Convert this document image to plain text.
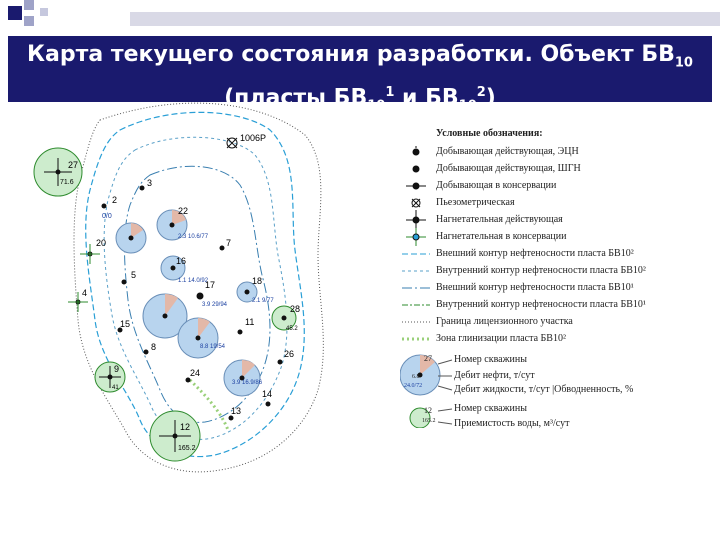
Карта текущего состояния разработки. Объект $БВ_{10}$
(пласты $БВ_{10}^1$ и $БВ_{10}^2$)
27
71.6
2
0/0
3
22
2.3 10.6/77
20	7
16
1.1 14.0/92
5
4
17
3.9 29/94
18
2.1 9/77
28
45.2
11
15
8.8 19/54
8
26
3.9 16.9/86
24
14
13
9
41
12
165.2
1006Р	Условные обозначения:
Добывающая действующая, ЭЦН
Добывающая действующая, ШГН
Добывающая в консервации
Пьезометрическая
Нагнетательная действующая
Нагнетательная в консервации
Внешний контур нефтеносности пласта БВ10²
Внутренний контур нефтеносности пласта БВ10²
Внешний контур нефтеносности пласта БВ10¹
Внутренний контур нефтеносности пласта БВ10¹
Граница лицензионного участка
Зона глинизации пласта БВ10²
27
6.8
24.0/72
Номер скважины
Дебит нефти, т/сут
Дебит жидкости, т/сут |Обводненность, %
12
165.2
Номер скважины
Приемистость воды, м³/сут
